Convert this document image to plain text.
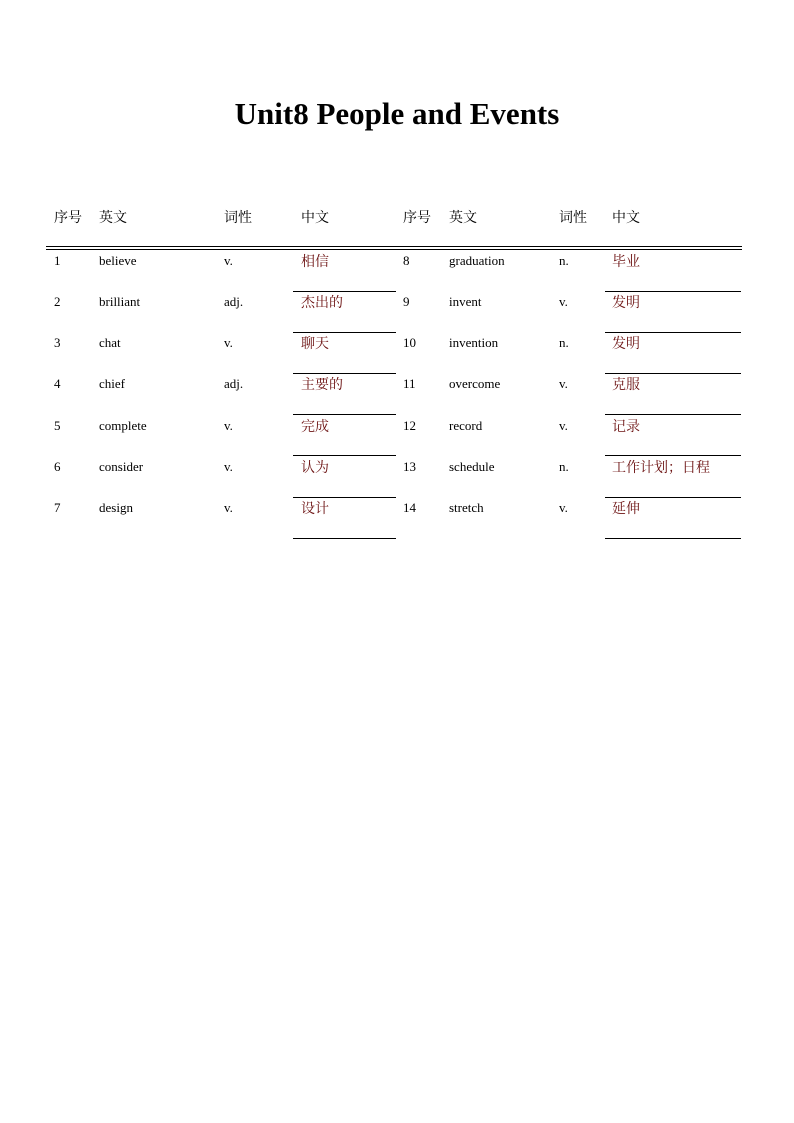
Unit8 People and Events
序号 英文	词性	中文	序号 英文	词性 中文
1	believe	v.	相信	8	graduation	n.	毕业
2	brilliant	adj.	杰出的	9	invent	v.	发明
3	chat	v.	聊天	10	invention	n.	发明
4	chief	adj.	主要的	11	overcome	v.	克服
5	complete	v.	完成	12	record	v.	记录
6	consider	v.	认为	13	schedule	n.	工作计划；日程
7	design	v.	设计	14	stretch	v.	延伸
